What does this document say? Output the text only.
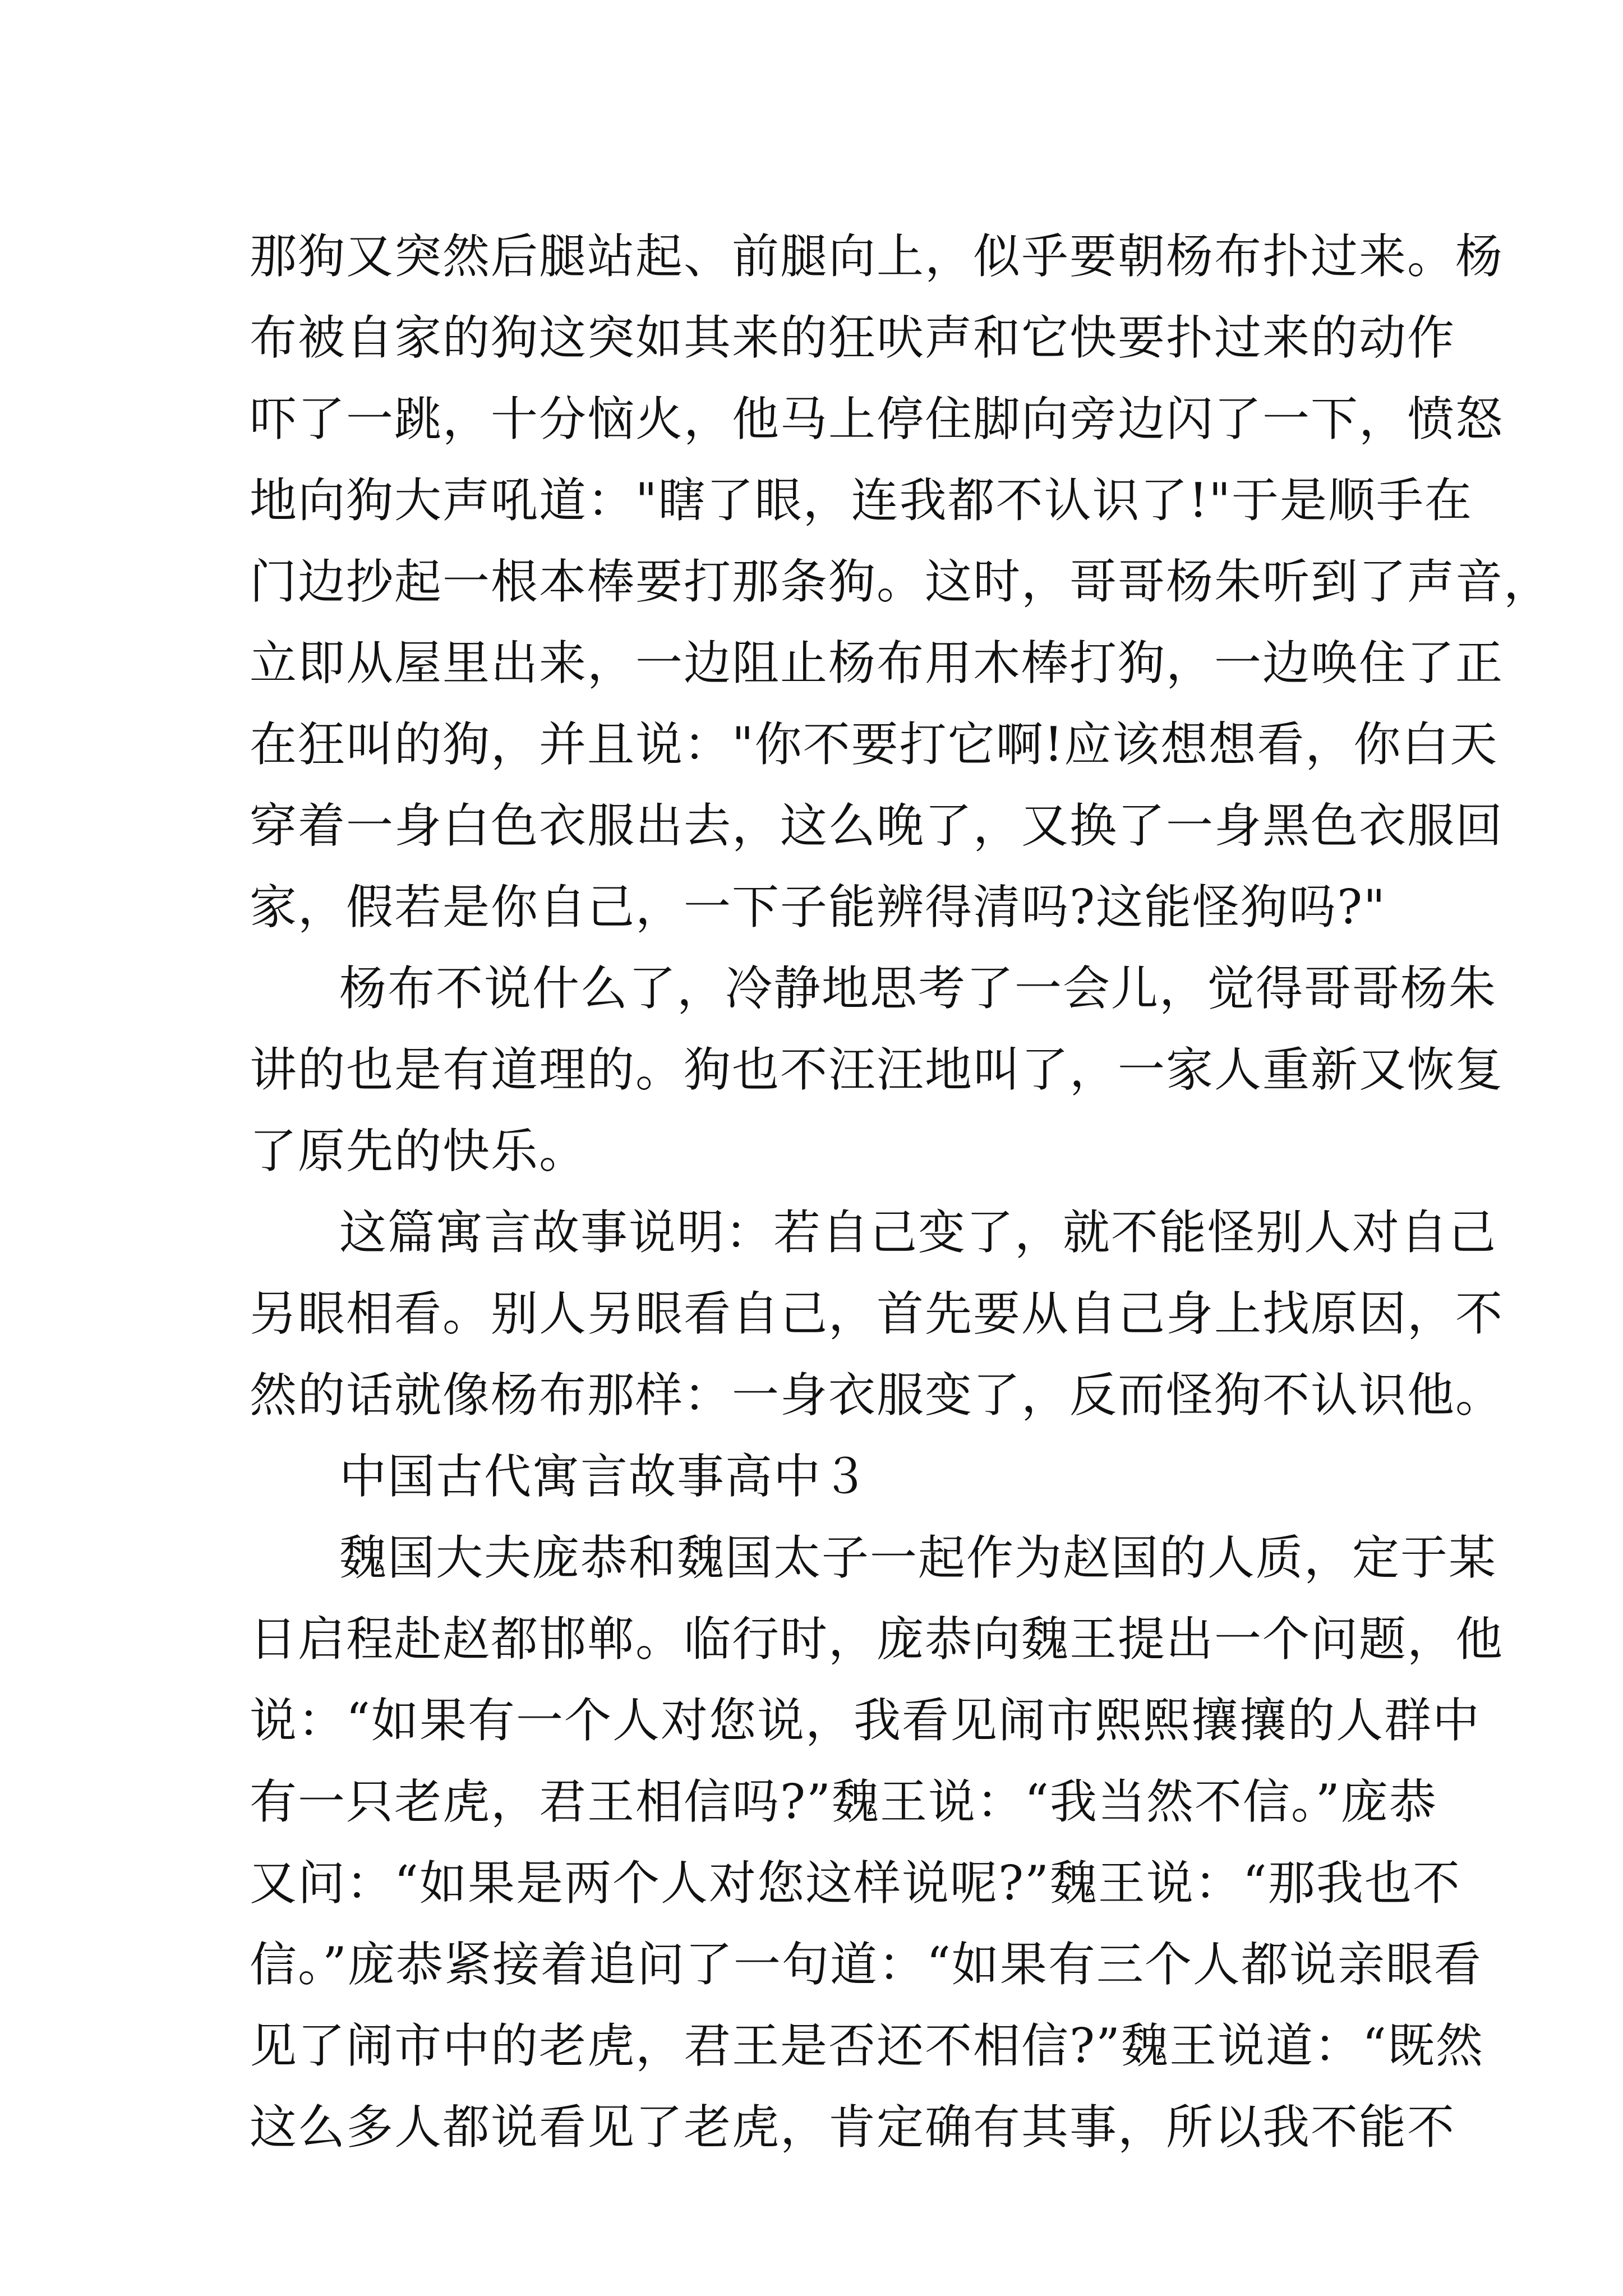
那狗又突然后腿站起、前腿向上，似乎要朝杨布扑过来。杨
布被自家的狗这突如其来的狂吠声和它快要扑过来的动作
吓了一跳，十分恼火，他马上停住脚向旁边闪了一下，愤怒
地向狗大声吼道："瞎了眼，连我都不认识了!"于是顺手在
门边抄起一根本棒要打那条狗。这时，哥哥杨朱听到了声音，
立即从屋里出来，一边阻止杨布用木棒打狗，一边唤住了正
在狂叫的狗，并且说："你不要打它啊!应该想想看，你白天
穿着一身白色衣服出去，这么晚了，又换了一身黑色衣服回
家，假若是你自己，一下子能辨得清吗?这能怪狗吗?"
杨布不说什么了，冷静地思考了一会儿，觉得哥哥杨朱
讲的也是有道理的。狗也不汪汪地叫了，一家人重新又恢复
了原先的快乐。
这篇寓言故事说明：若自己变了，就不能怪别人对自己
另眼相看。别人另眼看自己，首先要从自己身上找原因，不
然的话就像杨布那样：一身衣服变了，反而怪狗不认识他。
中国古代寓言故事高中３
魏国大夫庞恭和魏国太子一起作为赵国的人质，定于某
日启程赴赵都邯郸。临行时，庞恭向魏王提出一个问题，他
说：“如果有一个人对您说，我看见闹市熙熙攘攘的人群中
有一只老虎，君王相信吗?”魏王说：“我当然不信。”庞恭
又问：“如果是两个人对您这样说呢?”魏王说：“那我也不
信。”庞恭紧接着追问了一句道：“如果有三个人都说亲眼看
见了闹市中的老虎，君王是否还不相信?”魏王说道：“既然
这么多人都说看见了老虎，肯定确有其事，所以我不能不
